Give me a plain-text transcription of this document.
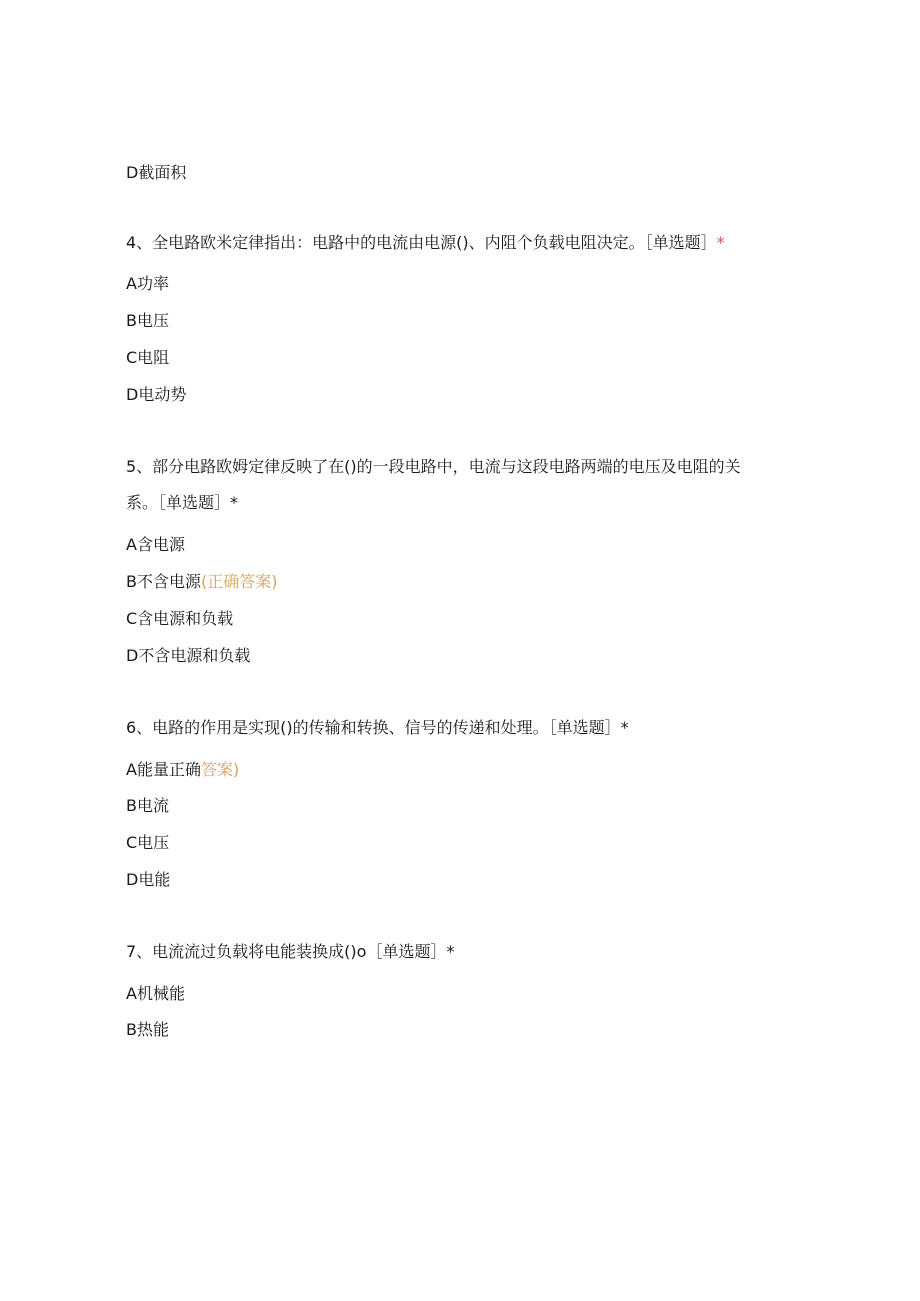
D截面积
4、全电路欧米定律指出：电路中的电流由电源()、内阻个负载电阻决定。［单选题］*
A功率
B电压
C电阻
D电动势
5、部分电路欧姆定律反映了在()的一段电路中，电流与这段电路两端的电压及电阻的关
系。［单选题］*
A含电源
B不含电源(正确答案)
C含电源和负载
D不含电源和负载
6、电路的作用是实现()的传输和转换、信号的传递和处理。［单选题］*
A能量正确答案)
B电流
C电压
D电能
7、电流流过负载将电能装换成()o［单选题］*
A机械能
B热能
